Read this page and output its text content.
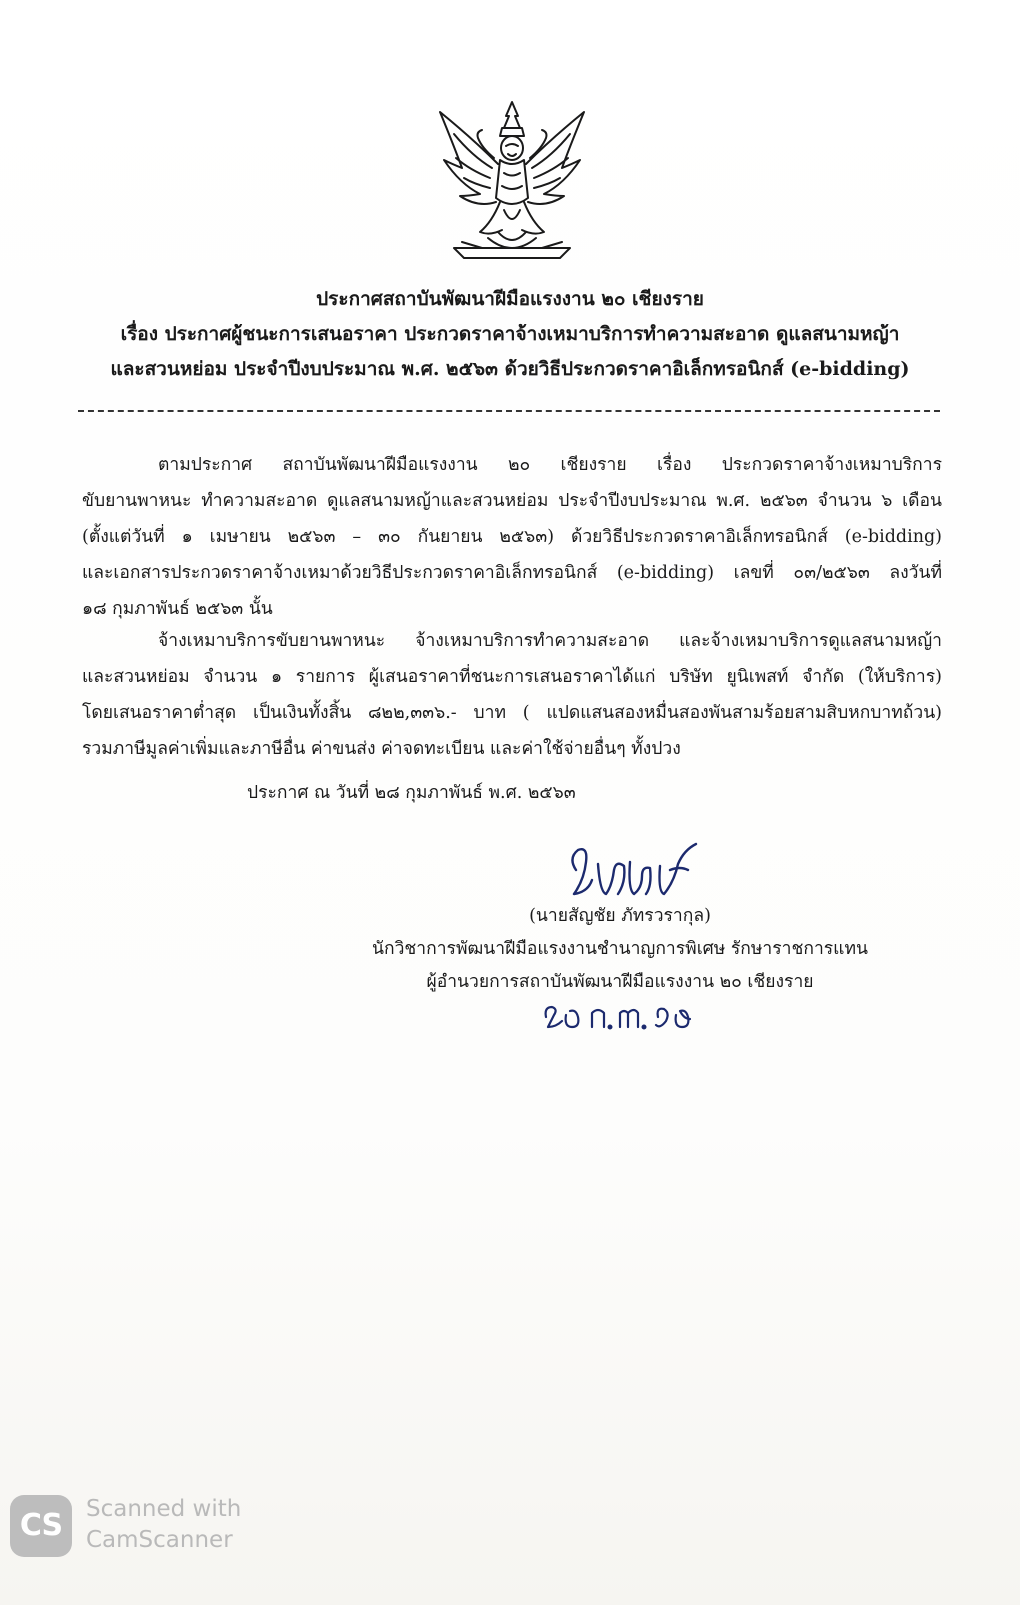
ประกาศสถาบันพัฒนาฝีมือแรงงาน ๒๐ เชียงราย
เรื่อง ประกาศผู้ชนะการเสนอราคา ประกวดราคาจ้างเหมาบริการทำความสะอาด ดูแลสนามหญ้า
และสวนหย่อม ประจำปีงบประมาณ พ.ศ. ๒๕๖๓ ด้วยวิธีประกวดราคาอิเล็กทรอนิกส์ (e-bidding)
ตามประกาศ สถาบันพัฒนาฝีมือแรงงาน ๒๐ เชียงราย เรื่อง ประกวดราคาจ้างเหมาบริการ
ขับยานพาหนะ ทำความสะอาด ดูแลสนามหญ้าและสวนหย่อม ประจำปีงบประมาณ พ.ศ. ๒๕๖๓ จำนวน ๖ เดือน
(ตั้งแต่วันที่ ๑ เมษายน ๒๕๖๓ – ๓๐ กันยายน ๒๕๖๓) ด้วยวิธีประกวดราคาอิเล็กทรอนิกส์ (e-bidding)
และเอกสารประกวดราคาจ้างเหมาด้วยวิธีประกวดราคาอิเล็กทรอนิกส์ (e-bidding) เลขที่ ๐๓/๒๕๖๓ ลงวันที่
๑๘ กุมภาพันธ์ ๒๕๖๓ นั้น
จ้างเหมาบริการขับยานพาหนะ จ้างเหมาบริการทำความสะอาด และจ้างเหมาบริการดูแลสนามหญ้า
และสวนหย่อม จำนวน ๑ รายการ ผู้เสนอราคาที่ชนะการเสนอราคาได้แก่ บริษัท ยูนิเพสท์ จำกัด (ให้บริการ)
โดยเสนอราคาต่ำสุด เป็นเงินทั้งสิ้น ๘๒๒,๓๓๖.- บาท ( แปดแสนสองหมื่นสองพันสามร้อยสามสิบหกบาทถ้วน)
รวมภาษีมูลค่าเพิ่มและภาษีอื่น ค่าขนส่ง ค่าจดทะเบียน และค่าใช้จ่ายอื่นๆ ทั้งปวง
ประกาศ ณ วันที่ ๒๘ กุมภาพันธ์ พ.ศ. ๒๕๖๓
(นายสัญชัย ภัทรวรากุล)
นักวิชาการพัฒนาฝีมือแรงงานชำนาญการพิเศษ รักษาราชการแทน
ผู้อำนวยการสถาบันพัฒนาฝีมือแรงงาน ๒๐ เชียงราย
CS	Scanned with
CamScanner
